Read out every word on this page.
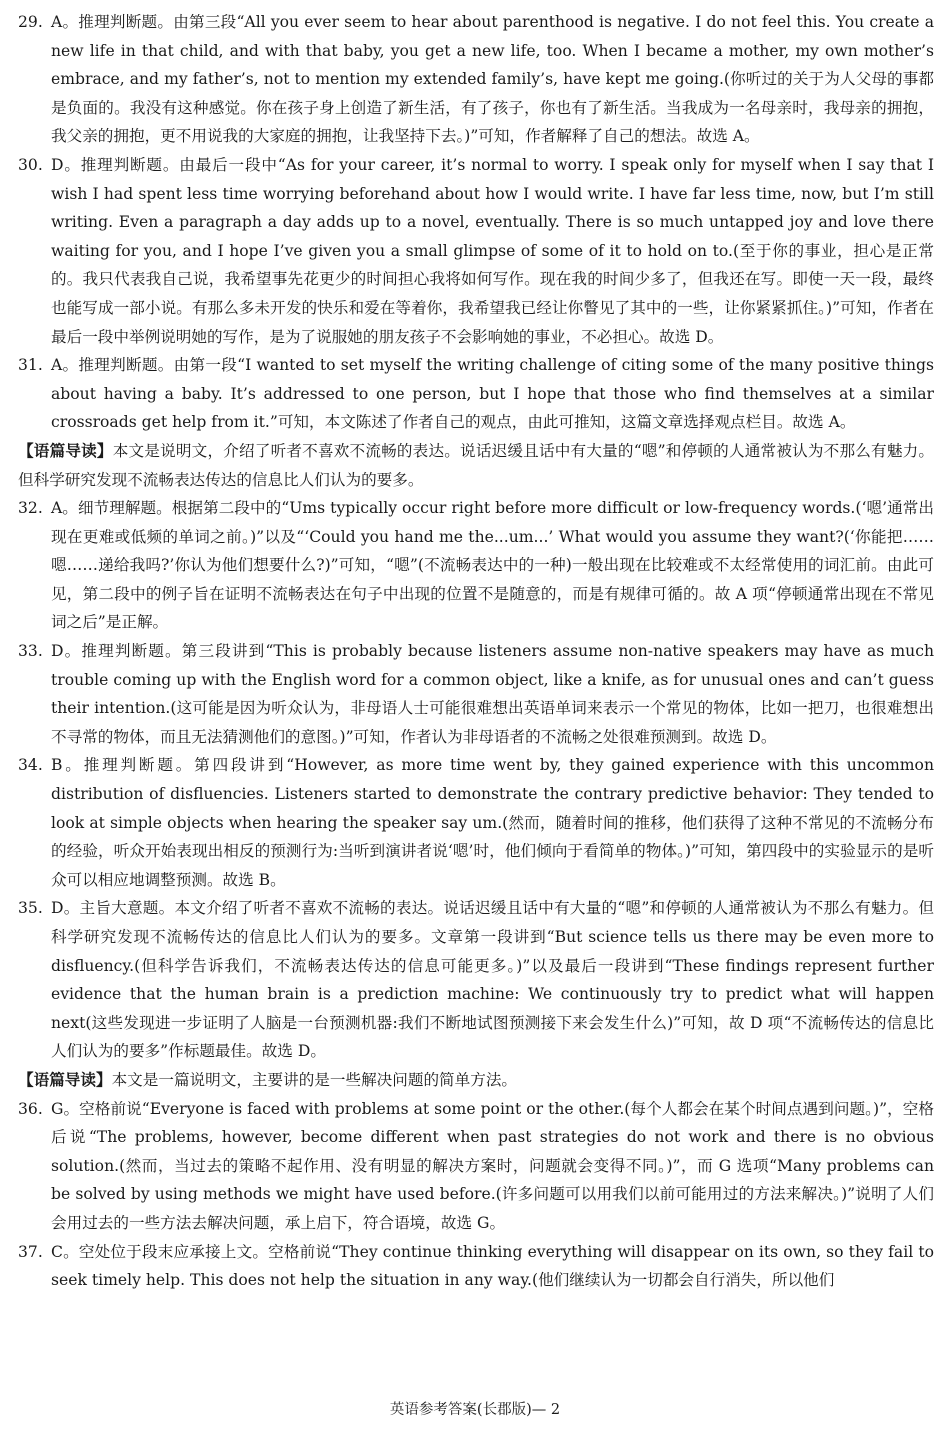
29. A。推理判断题。由第三段“All you ever seem to hear about parenthood is negative. I do not feel this. You create a new life in that child, and with that baby, you get a new life, too. When I became a mother, my own mother’s embrace, and my father’s, not to mention my extended family’s, have kept me going.(你听过的关于为人父母的事都是负面的。我没有这种感觉。你在孩子身上创造了新生活，有了孩子，你也有了新生活。当我成为一名母亲时，我母亲的拥抱，我父亲的拥抱，更不用说我的大家庭的拥抱，让我坚持下去。)”可知，作者解释了自己的想法。故选 A。

30. D。推理判断题。由最后一段中“As for your career, it’s normal to worry. I speak only for myself when I say that I wish I had spent less time worrying beforehand about how I would write. I have far less time, now, but I’m still writing. Even a paragraph a day adds up to a novel, eventually. There is so much untapped joy and love there waiting for you, and I hope I’ve given you a small glimpse of some of it to hold on to.(至于你的事业，担心是正常的。我只代表我自己说，我希望事先花更少的时间担心我将如何写作。现在我的时间少多了，但我还在写。即使一天一段，最终也能写成一部小说。有那么多未开发的快乐和爱在等着你，我希望我已经让你瞥见了其中的一些，让你紧紧抓住。)”可知，作者在最后一段中举例说明她的写作，是为了说服她的朋友孩子不会影响她的事业，不必担心。故选 D。

31. A。推理判断题。由第一段“I wanted to set myself the writing challenge of citing some of the many positive things about having a baby. It’s addressed to one person, but I hope that those who find themselves at a similar crossroads get help from it.”可知，本文陈述了作者自己的观点，由此可推知，这篇文章选择观点栏目。故选 A。

【语篇导读】本文是说明文，介绍了听者不喜欢不流畅的表达。说话迟缓且话中有大量的“嗯”和停顿的人通常被认为不那么有魅力。但科学研究发现不流畅表达传达的信息比人们认为的要多。

32. A。细节理解题。根据第二段中的“Ums typically occur right before more difficult or low-frequency words.(‘嗯’通常出现在更难或低频的单词之前。)”以及“‘Could you hand me the...um...’ What would you assume they want?(‘你能把……嗯……递给我吗?’你认为他们想要什么?)”可知，“嗯”(不流畅表达中的一种)一般出现在比较难或不太经常使用的词汇前。由此可见，第二段中的例子旨在证明不流畅表达在句子中出现的位置不是随意的，而是有规律可循的。故 A 项“停顿通常出现在不常见词之后”是正解。

33. D。推理判断题。第三段讲到“This is probably because listeners assume non-native speakers may have as much trouble coming up with the English word for a common object, like a knife, as for unusual ones and can’t guess their intention.(这可能是因为听众认为，非母语人士可能很难想出英语单词来表示一个常见的物体，比如一把刀，也很难想出不寻常的物体，而且无法猜测他们的意图。)”可知，作者认为非母语者的不流畅之处很难预测到。故选 D。

34. B。推理判断题。第四段讲到“However, as more time went by, they gained experience with this uncommon distribution of disfluencies. Listeners started to demonstrate the contrary predictive behavior: They tended to look at simple objects when hearing the speaker say um.(然而，随着时间的推移，他们获得了这种不常见的不流畅分布的经验，听众开始表现出相反的预测行为:当听到演讲者说‘嗯’时，他们倾向于看简单的物体。)”可知，第四段中的实验显示的是听众可以相应地调整预测。故选 B。

35. D。主旨大意题。本文介绍了听者不喜欢不流畅的表达。说话迟缓且话中有大量的“嗯”和停顿的人通常被认为不那么有魅力。但科学研究发现不流畅传达的信息比人们认为的要多。文章第一段讲到“But science tells us there may be even more to disfluency.(但科学告诉我们，不流畅表达传达的信息可能更多。)”以及最后一段讲到“These findings represent further evidence that the human brain is a prediction machine: We continuously try to predict what will happen next(这些发现进一步证明了人脑是一台预测机器:我们不断地试图预测接下来会发生什么)”可知，故 D 项“不流畅传达的信息比人们认为的要多”作标题最佳。故选 D。

【语篇导读】本文是一篇说明文，主要讲的是一些解决问题的简单方法。

36. G。空格前说“Everyone is faced with problems at some point or the other.(每个人都会在某个时间点遇到问题。)”，空格后说“The problems, however, become different when past strategies do not work and there is no obvious solution.(然而，当过去的策略不起作用、没有明显的解决方案时，问题就会变得不同。)”，而 G 选项“Many problems can be solved by using methods we might have used before.(许多问题可以用我们以前可能用过的方法来解决。)”说明了人们会用过去的一些方法去解决问题，承上启下，符合语境，故选 G。

37. C。空处位于段末应承接上文。空格前说“They continue thinking everything will disappear on its own, so they fail to seek timely help. This does not help the situation in any way.(他们继续认为一切都会自行消失，所以他们

英语参考答案(长郡版)— 2
